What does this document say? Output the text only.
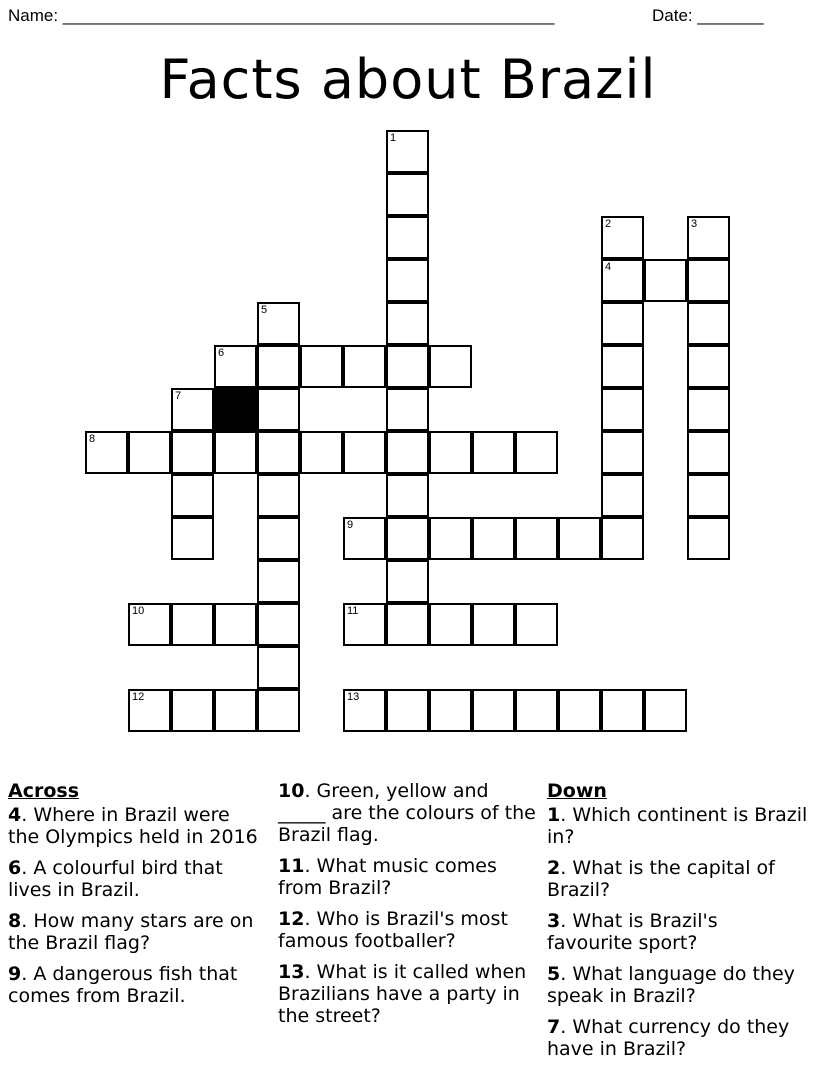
Name: ____________________________________________________	Date: _______
Facts about Brazil
1
2
4
3
5
6
7
8
9
10	11
12	13
Across
4. Where in Brazil were the Olympics held in 2016
6. A colourful bird that lives in Brazil.
8. How many stars are on the Brazil flag?
9. A dangerous fish that comes from Brazil.
10. Green, yellow and _____ are the colours of the Brazil flag.
11. What music comes from Brazil?
12. Who is Brazil's most famous footballer?
13. What is it called when Brazilians have a party in the street?
Down
1. Which continent is Brazil in?
2. What is the capital of Brazil?
3. What is Brazil's favourite sport?
5. What language do they speak in Brazil?
7. What currency do they have in Brazil?
